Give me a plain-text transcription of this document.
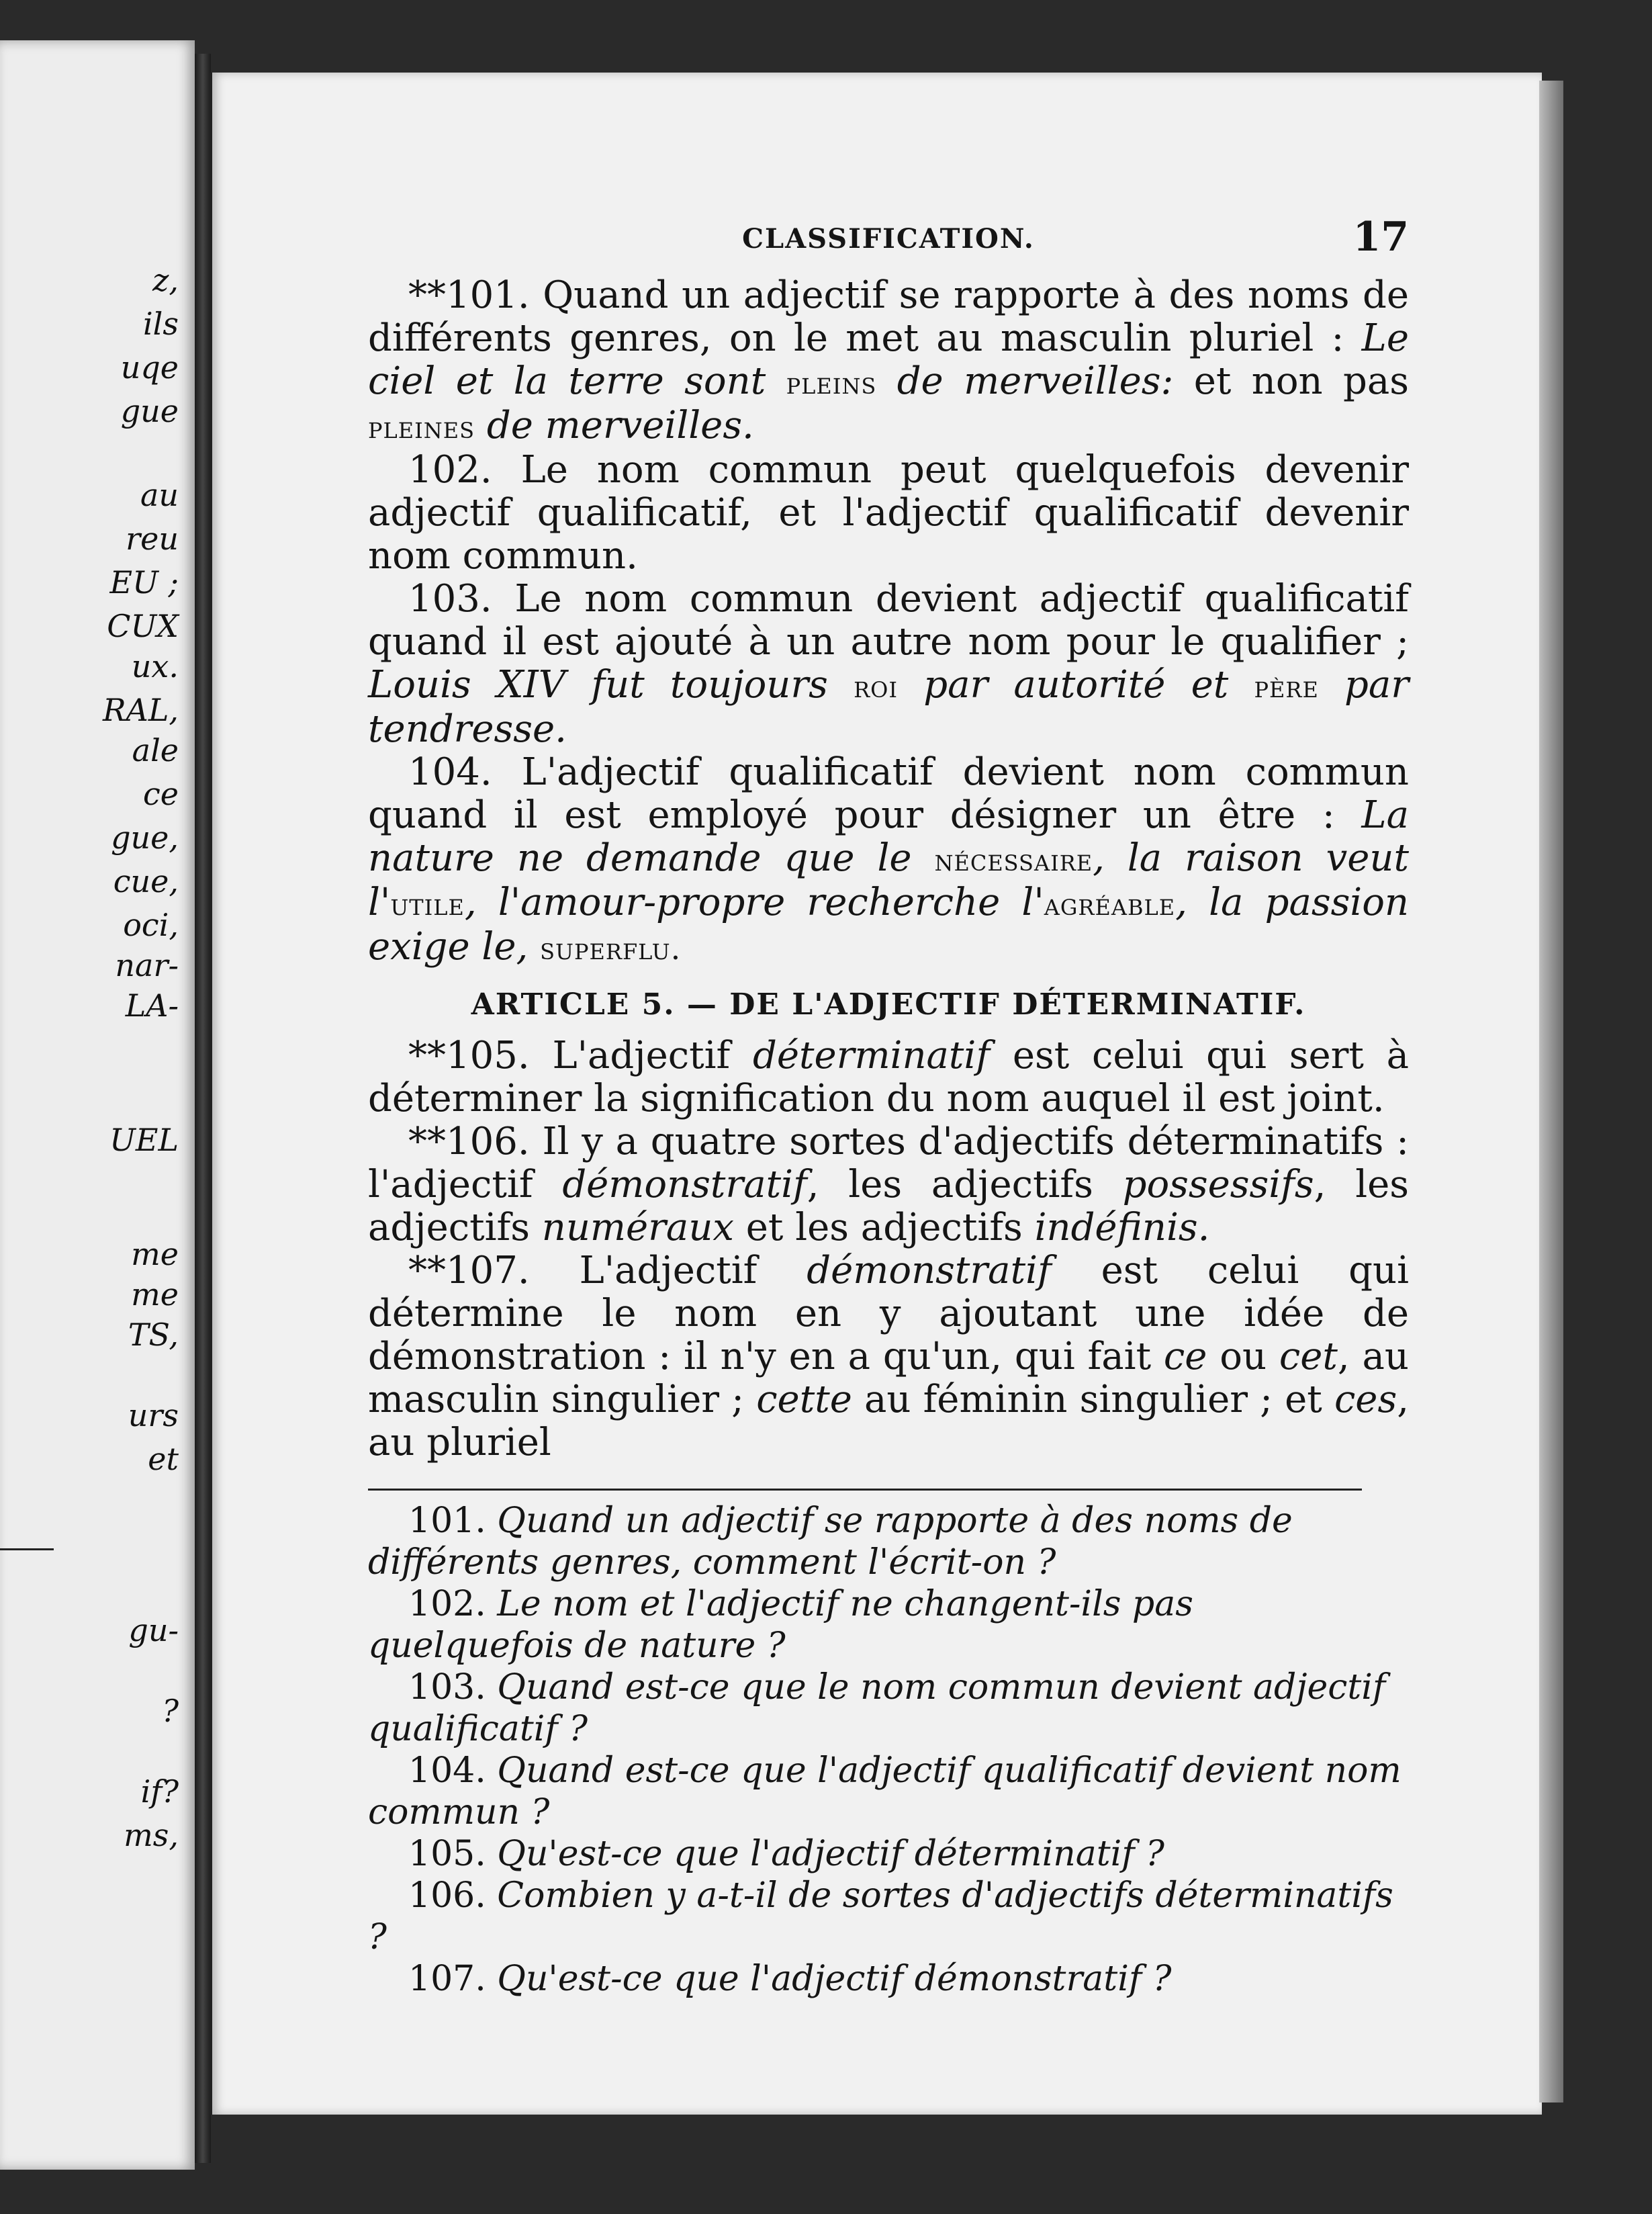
z,
ils
uqe
gue
au
reu
EU ;
CUX
ux.
RAL,
ale
ce
gue,
cue,
oci,
nar-
LA-
UEL
me
me
TS,
urs
et
gu-
?
if?
ms,
CLASSIFICATION.	17

**101. Quand un adjectif se rapporte à des noms de différents genres, on le met au masculin pluriel : Le ciel et la terre sont pleins de merveilles: et non pas pleines de merveilles.

102. Le nom commun peut quelquefois devenir adjectif qualificatif, et l'adjectif qualificatif devenir nom commun.

103. Le nom commun devient adjectif qualificatif quand il est ajouté à un autre nom pour le qualifier ; Louis XIV fut toujours roi par autorité et père par tendresse.

104. L'adjectif qualificatif devient nom commun quand il est employé pour désigner un être : La nature ne demande que le nécessaire, la raison veut l'utile, l'amour-propre recherche l'agréable, la passion exige le, superflu.

ARTICLE 5. — DE L'ADJECTIF DÉTERMINATIF.

**105. L'adjectif déterminatif est celui qui sert à déterminer la signification du nom auquel il est joint.

**106. Il y a quatre sortes d'adjectifs déterminatifs : l'adjectif démonstratif, les adjectifs possessifs, les adjectifs numéraux et les adjectifs indéfinis.

**107. L'adjectif démonstratif est celui qui détermine le nom en y ajoutant une idée de démonstration : il n'y en a qu'un, qui fait ce ou cet, au masculin singulier ; cette au féminin singulier ; et ces, au pluriel

101. Quand un adjectif se rapporte à des noms de différents genres, comment l'écrit-on ?

102. Le nom et l'adjectif ne changent-ils pas quelquefois de nature ?

103. Quand est-ce que le nom commun devient adjectif qualificatif ?

104. Quand est-ce que l'adjectif qualificatif devient nom commun ?

105. Qu'est-ce que l'adjectif déterminatif ?

106. Combien y a-t-il de sortes d'adjectifs déterminatifs ?

107. Qu'est-ce que l'adjectif démonstratif ?
